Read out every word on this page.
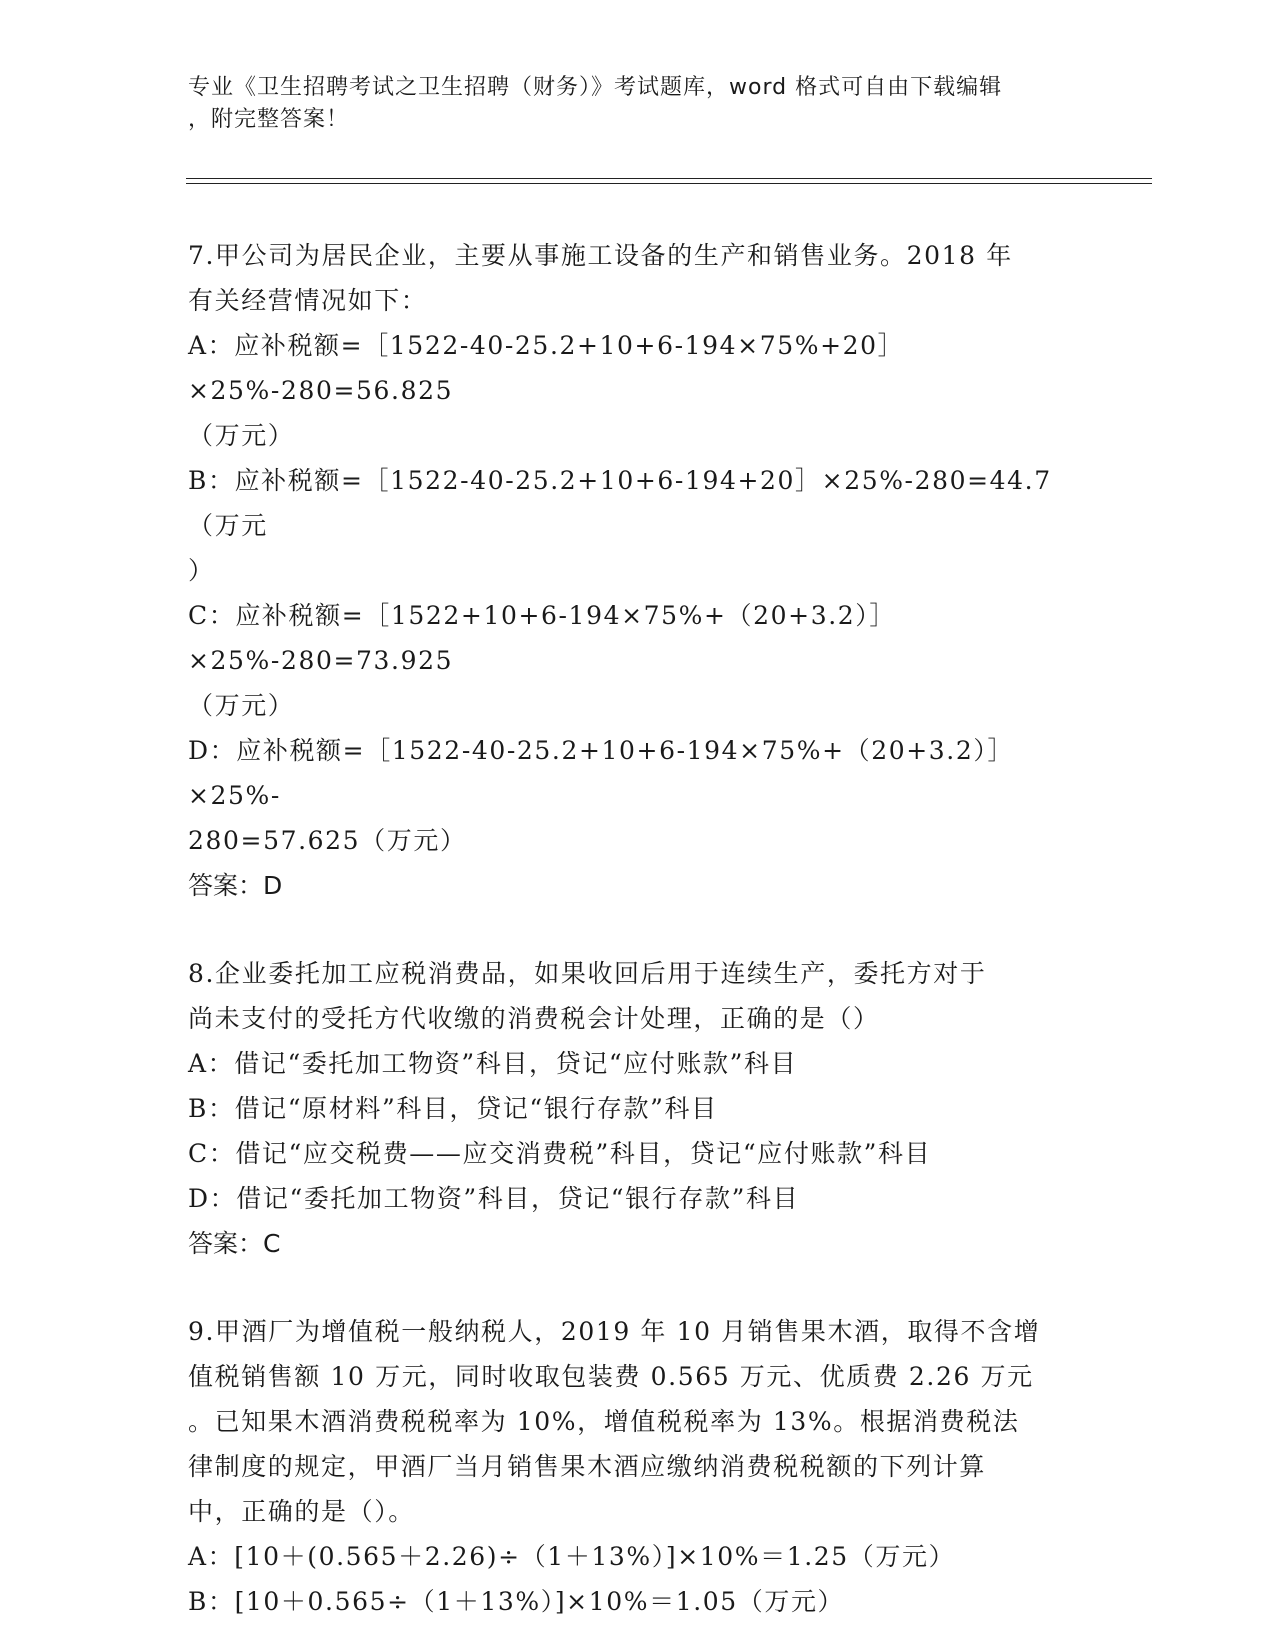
专业《卫生招聘考试之卫生招聘（财务）》考试题库，word 格式可自由下载编辑
，附完整答案！

7.甲公司为居民企业，主要从事施工设备的生产和销售业务。2018 年

有关经营情况如下：

A：应补税额=［1522-40-25.2+10+6-194×75%+20］×25%-280=56.825

（万元）

B：应补税额=［1522-40-25.2+10+6-194+20］×25%-280=44.7（万元

）

C：应补税额=［1522+10+6-194×75%+（20+3.2）］×25%-280=73.925

（万元）

D：应补税额=［1522-40-25.2+10+6-194×75%+（20+3.2）］×25%-

280=57.625（万元）

答案：D

8.企业委托加工应税消费品，如果收回后用于连续生产，委托方对于

尚未支付的受托方代收缴的消费税会计处理，正确的是（）

A：借记“委托加工物资”科目，贷记“应付账款”科目

B：借记“原材料”科目，贷记“银行存款”科目

C：借记“应交税费——应交消费税”科目，贷记“应付账款”科目

D：借记“委托加工物资”科目，贷记“银行存款”科目

答案：C

9.甲酒厂为增值税一般纳税人，2019 年 10 月销售果木酒，取得不含增

值税销售额 10 万元，同时收取包装费 0.565 万元、优质费 2.26 万元

。已知果木酒消费税税率为 10%，增值税税率为 13%。根据消费税法

律制度的规定，甲酒厂当月销售果木酒应缴纳消费税税额的下列计算

中，正确的是（）。

A：[10＋(0.565＋2.26)÷（1＋13%）]×10%＝1.25（万元）

B：[10＋0.565÷（1＋13%）]×10%＝1.05（万元）
